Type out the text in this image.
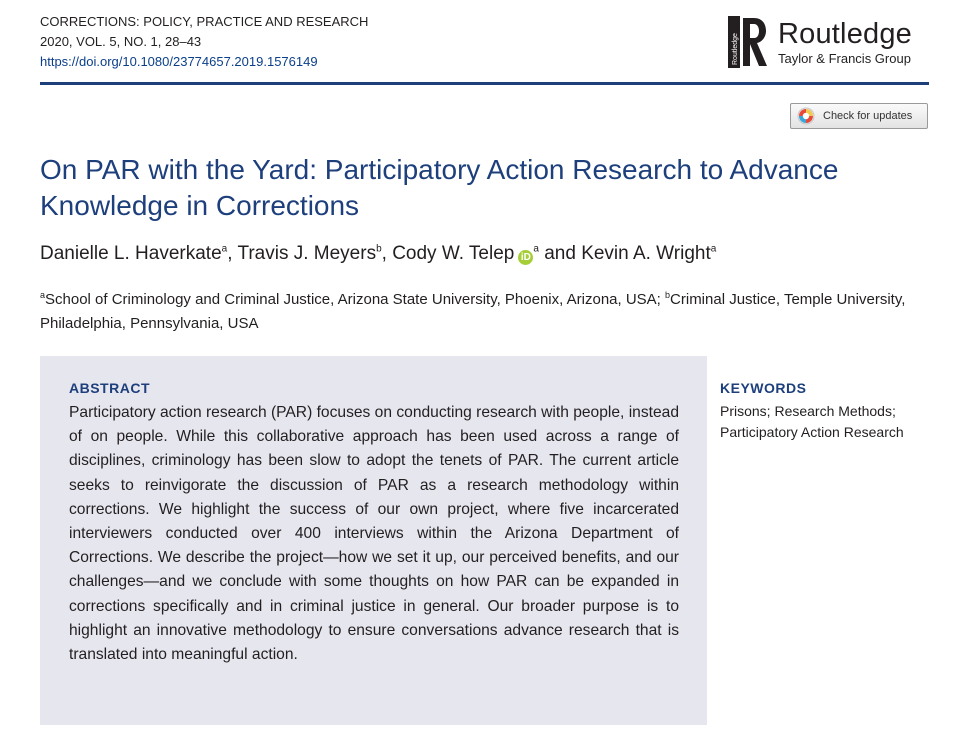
CORRECTIONS: POLICY, PRACTICE AND RESEARCH
2020, VOL. 5, NO. 1, 28–43
https://doi.org/10.1080/23774657.2019.1576149	Routledge Routledge
Taylor & Francis Group
Check for updates
On PAR with the Yard: Participatory Action Research to Advance Knowledge in Corrections
Danielle L. Haverkate$^a$, Travis J. Meyers$^b$, Cody W. Telep $iD^a$ and Kevin A. Wright$^a$
$^a$School of Criminology and Criminal Justice, Arizona State University, Phoenix, Arizona, USA; $^b$Criminal Justice, Temple University, Philadelphia, Pennsylvania, USA
ABSTRACT

Participatory action research (PAR) focuses on conducting research with people, instead of on people. While this collaborative approach has been used across a range of disciplines, criminology has been slow to adopt the tenets of PAR. The current article seeks to reinvigorate the discussion of PAR as a research methodology within corrections. We highlight the success of our own project, where five incarcerated interviewers conducted over 400 interviews within the Arizona Department of Corrections. We describe the project—how we set it up, our perceived benefits, and our challenges—and we conclude with some thoughts on how PAR can be expanded in corrections specifically and in criminal justice in general. Our broader purpose is to highlight an innovative methodology to ensure conversations advance research that is translated into meaningful action.

KEYWORDS
Prisons; Research Methods; Participatory Action Research
